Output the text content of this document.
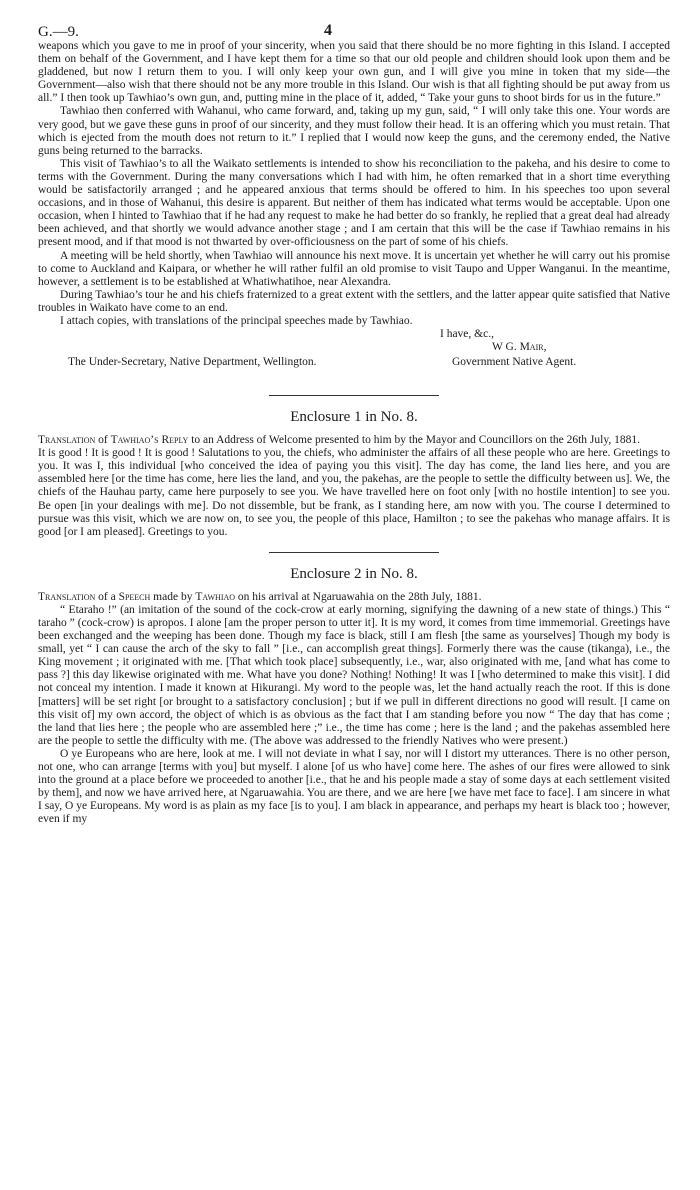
G.—9.	4

weapons which you gave to me in proof of your sincerity, when you said that there should be no more fighting in this Island. I accepted them on behalf of the Government, and I have kept them for a time so that our old people and children should look upon them and be gladdened, but now I return them to you. I will only keep your own gun, and I will give you mine in token that my side—the Government—also wish that there should not be any more trouble in this Island. Our wish is that all fighting should be put away from us all.” I then took up Tawhiao’s own gun, and, putting mine in the place of it, added, “ Take your guns to shoot birds for us in the future.”

Tawhiao then conferred with Wahanui, who came forward, and, taking up my gun, said, “ I will only take this one. Your words are very good, but we gave these guns in proof of our sincerity, and they must follow their head. It is an offering which you must retain. That which is ejected from the mouth does not return to it.” I replied that I would now keep the guns, and the ceremony ended, the Native guns being returned to the barracks.

This visit of Tawhiao’s to all the Waikato settlements is intended to show his reconciliation to the pakeha, and his desire to come to terms with the Government. During the many conversations which I had with him, he often remarked that in a short time everything would be satisfactorily arranged ; and he appeared anxious that terms should be offered to him. In his speeches too upon several occasions, and in those of Wahanui, this desire is apparent. But neither of them has indicated what terms would be acceptable. Upon one occasion, when I hinted to Tawhiao that if he had any request to make he had better do so frankly, he replied that a great deal had already been achieved, and that shortly we would advance another stage ; and I am certain that this will be the case if Tawhiao remains in his present mood, and if that mood is not thwarted by over-officiousness on the part of some of his chiefs.

A meeting will be held shortly, when Tawhiao will announce his next move. It is uncertain yet whether he will carry out his promise to come to Auckland and Kaipara, or whether he will rather fulfil an old promise to visit Taupo and Upper Wanganui. In the meantime, however, a settlement is to be established at Whatiwhatihoe, near Alexandra.

During Tawhiao’s tour he and his chiefs fraternized to a great extent with the settlers, and the latter appear quite satisfied that Native troubles in Waikato have come to an end.

I attach copies, with translations of the principal speeches made by Tawhiao.

I have, &c.,
W G. Mair,
The Under-Secretary, Native Department, Wellington.	Government Native Agent.
Enclosure 1 in No. 8.

Translation of Tawhiao’s Reply to an Address of Welcome presented to him by the Mayor and Councillors on the 26th July, 1881.

It is good ! It is good ! It is good ! Salutations to you, the chiefs, who administer the affairs of all these people who are here. Greetings to you. It was I, this individual [who conceived the idea of paying you this visit]. The day has come, the land lies here, and you are assembled here [or the time has come, here lies the land, and you, the pakehas, are the people to settle the difficulty between us]. We, the chiefs of the Hauhau party, came here purposely to see you. We have travelled here on foot only [with no hostile intention] to see you. Be open [in your dealings with me]. Do not dissemble, but be frank, as I standing here, am now with you. The course I determined to pursue was this visit, which we are now on, to see you, the people of this place, Hamilton ; to see the pakehas who manage affairs. It is good [or I am pleased]. Greetings to you.

Enclosure 2 in No. 8.

Translation of a Speech made by Tawhiao on his arrival at Ngaruawahia on the 28th July, 1881.

“ Etaraho !” (an imitation of the sound of the cock-crow at early morning, signifying the dawning of a new state of things.) This “ taraho ” (cock-crow) is apropos. I alone [am the proper person to utter it]. It is my word, it comes from time immemorial. Greetings have been exchanged and the weeping has been done. Though my face is black, still I am flesh [the same as yourselves] Though my body is small, yet “ I can cause the arch of the sky to fall ” [i.e., can accomplish great things]. Formerly there was the cause (tikanga), i.e., the King movement ; it originated with me. [That which took place] subsequently, i.e., war, also originated with me, [and what has come to pass ?] this day likewise originated with me. What have you done? Nothing! Nothing! It was I [who determined to make this visit]. I did not conceal my intention. I made it known at Hikurangi. My word to the people was, let the hand actually reach the root. If this is done [matters] will be set right [or brought to a satisfactory conclusion] ; but if we pull in different directions no good will result. [I came on this visit of] my own accord, the object of which is as obvious as the fact that I am standing before you now “ The day that has come ; the land that lies here ; the people who are assembled here ;” i.e., the time has come ; here is the land ; and the pakehas assembled here are the people to settle the difficulty with me. (The above was addressed to the friendly Natives who were present.)

O ye Europeans who are here, look at me. I will not deviate in what I say, nor will I distort my utterances. There is no other person, not one, who can arrange [terms with you] but myself. I alone [of us who have] come here. The ashes of our fires were allowed to sink into the ground at a place before we proceeded to another [i.e., that he and his people made a stay of some days at each settlement visited by them], and now we have arrived here, at Ngaruawahia. You are there, and we are here [we have met face to face]. I am sincere in what I say, O ye Europeans. My word is as plain as my face [is to you]. I am black in appearance, and perhaps my heart is black too ; however, even if my
